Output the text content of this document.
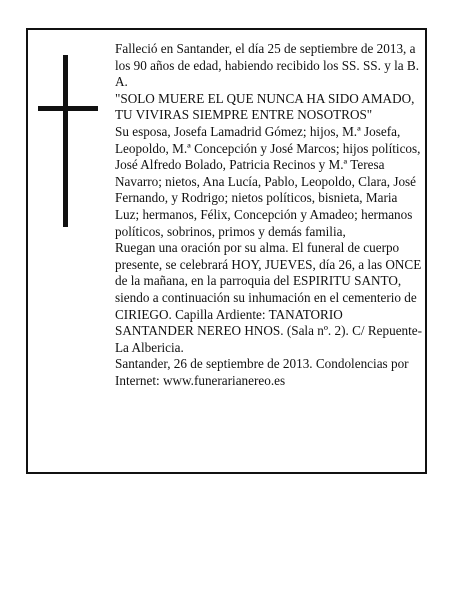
Falleció en Santander, el día 25 de septiembre de 2013, a los 90 años de edad, habiendo recibido los SS. SS. y la B. A.

"SOLO MUERE EL QUE NUNCA HA SIDO AMADO, TU VIVIRAS SIEMPRE ENTRE NOSOTROS"

Su esposa, Josefa Lamadrid Gómez; hijos, M.ª Josefa, Leopoldo, M.ª Concepción y José Marcos; hijos políticos, José Alfredo Bolado, Patricia Recinos y M.ª Teresa Navarro; nietos, Ana Lucía, Pablo, Leopoldo, Clara, José Fernando, y Rodrigo; nietos políticos, bisnieta, Maria Luz; hermanos, Félix, Concepción y Amadeo; hermanos políticos, sobrinos, primos y demás familia,

Ruegan una oración por su alma. El funeral de cuerpo presente, se celebrará HOY, JUEVES, día 26, a las ONCE de la mañana, en la parroquia del ESPIRITU SANTO, siendo a continuación su inhumación en el cementerio de CIRIEGO. Capilla Ardiente: TANATORIO SANTANDER NEREO HNOS. (Sala nº. 2). C/ Repuente-La Albericia.

Santander, 26 de septiembre de 2013. Condolencias por Internet: www.funerarianereo.es
